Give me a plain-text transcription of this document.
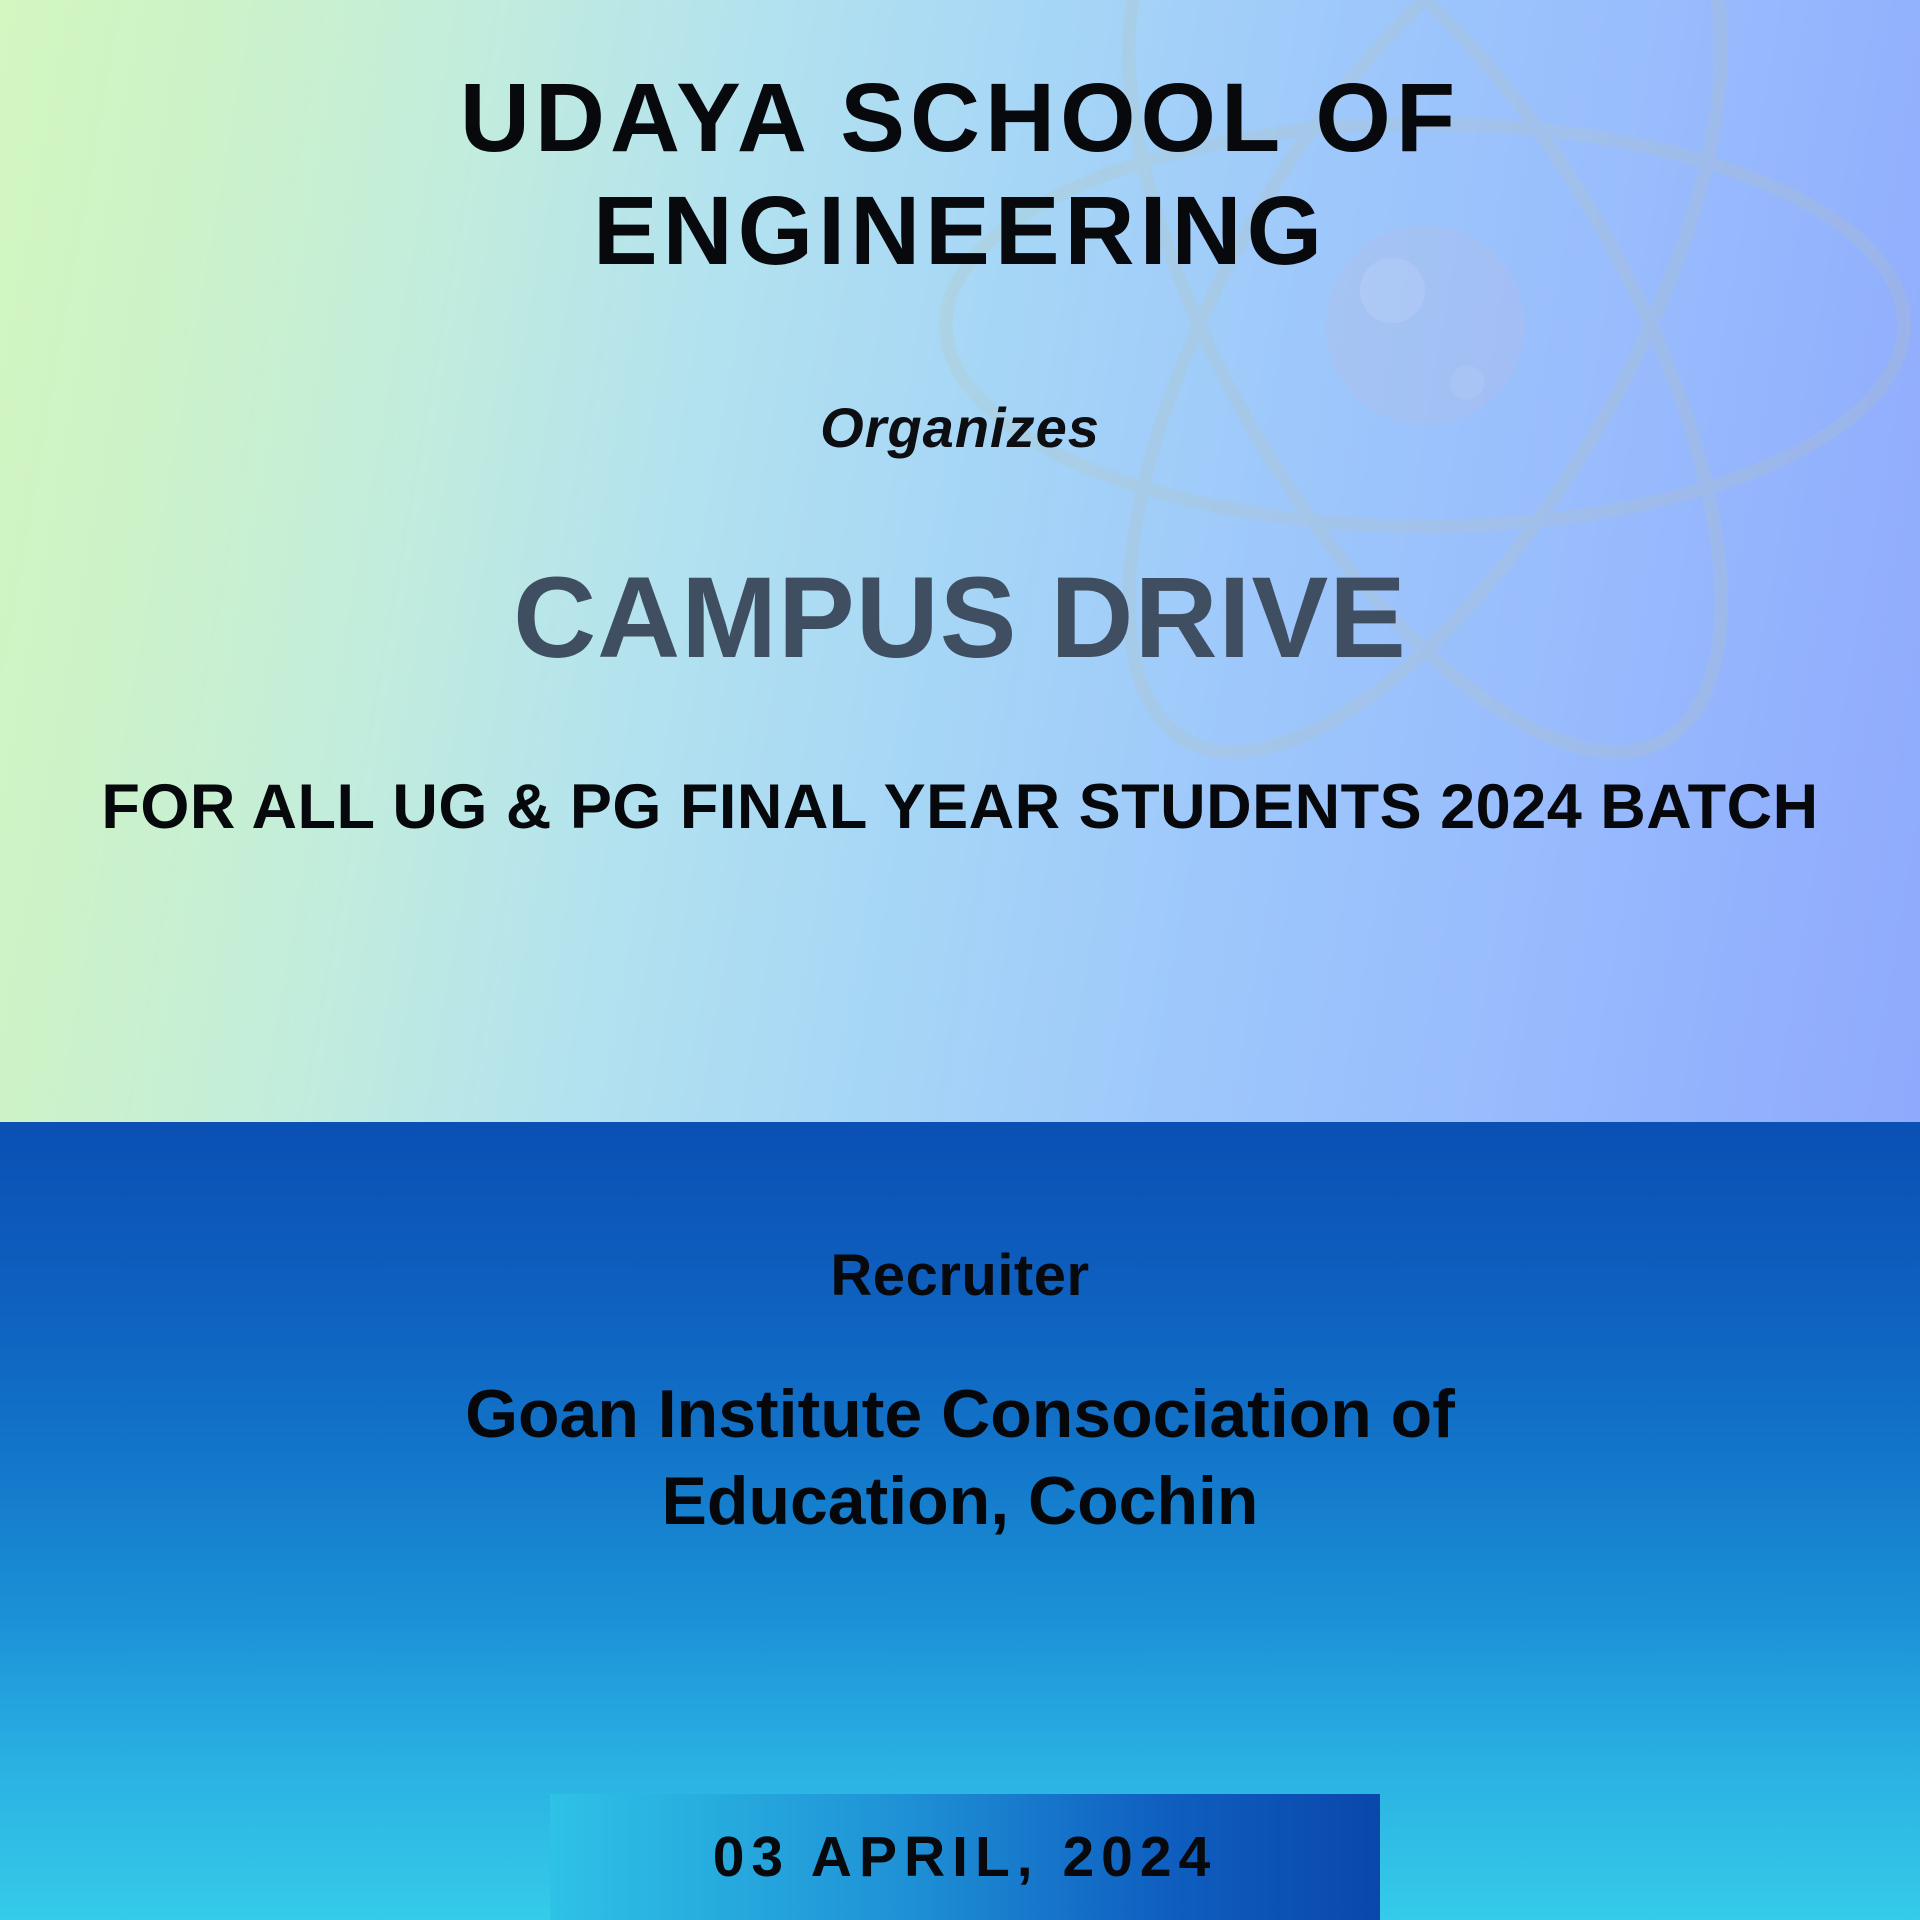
UDAYA SCHOOL OF ENGINEERING
Organizes
CAMPUS DRIVE
FOR ALL UG & PG FINAL YEAR STUDENTS 2024 BATCH
Recruiter
Goan Institute Consociation of Education, Cochin
03 APRIL, 2024
